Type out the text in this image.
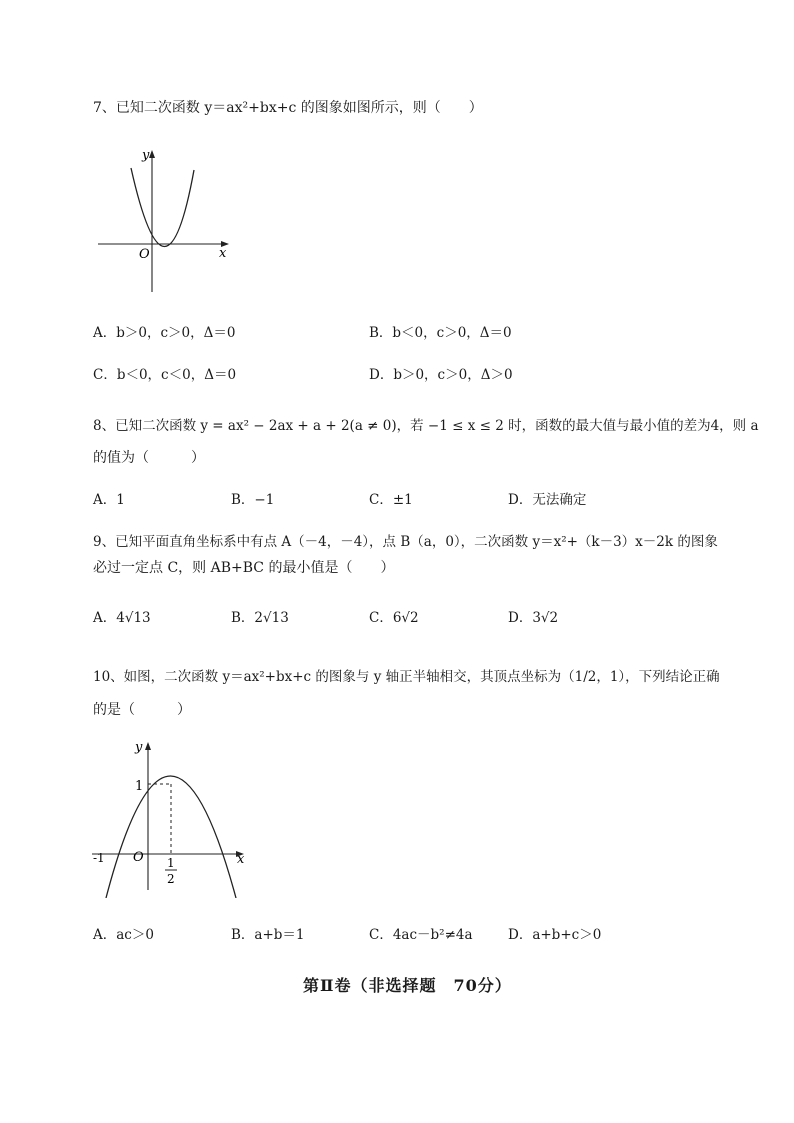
7、已知二次函数 y＝ax²+bx+c 的图象如图所示，则（　　）
y
x
O
A．b＞0，c＞0，Δ＝0	B．b＜0，c＞0，Δ＝0
C．b＜0，c＜0，Δ＝0	D．b＞0，c＞0，Δ＞0
8、已知二次函数 y = ax² − 2ax + a + 2(a ≠ 0)，若 −1 ≤ x ≤ 2 时，函数的最大值与最小值的差为4，则 a
的值为（　　　）
A．1	B．−1	C．±1	D．无法确定
9、已知平面直角坐标系中有点 A（－4，－4），点 B（a，0），二次函数 y＝x²+（k－3）x－2k 的图象
必过一定点 C，则 AB+BC 的最小值是（　　）
A．4√13	B．2√13	C．6√2	D．3√2
10、如图，二次函数 y＝ax²+bx+c 的图象与 y 轴正半轴相交，其顶点坐标为（1/2，1），下列结论正确
的是（　　　）
y
x
O
1
-1	1
2
A．ac＞0	B．a+b＝1	C．4ac－b²≠4a	D．a+b+c＞0
第Ⅱ卷（非选择题　70分）
